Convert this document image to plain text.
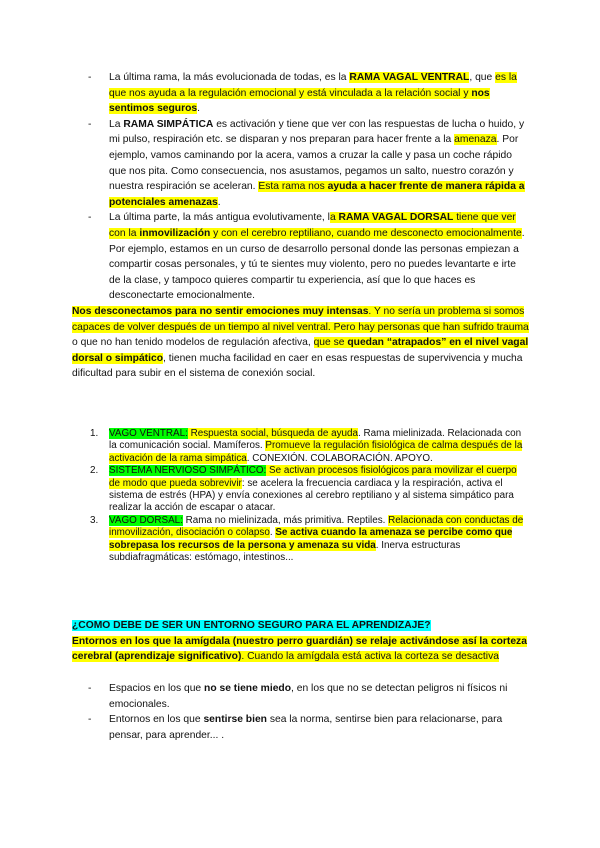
- La última rama, la más evolucionada de todas, es la RAMA VAGAL VENTRAL, que es la que nos ayuda a la regulación emocional y está vinculada a la relación social y nos sentimos seguros.
- La RAMA SIMPÁTICA es activación y tiene que ver con las respuestas de lucha o huido, y mi pulso, respiración etc. se disparan y nos preparan para hacer frente a la amenaza. Por ejemplo, vamos caminando por la acera, vamos a cruzar la calle y pasa un coche rápido que nos pita. Como consecuencia, nos asustamos, pegamos un salto, nuestro corazón y nuestra respiración se aceleran. Esta rama nos ayuda a hacer frente de manera rápida a potenciales amenazas.
- La última parte, la más antigua evolutivamente, la RAMA VAGAL DORSAL tiene que ver con la inmovilización y con el cerebro reptiliano, cuando me desconecto emocionalmente. Por ejemplo, estamos en un curso de desarrollo personal donde las personas empiezan a compartir cosas personales, y tú te sientes muy violento, pero no puedes levantarte e irte de la clase, y tampoco quieres compartir tu experiencia, así que lo que haces es desconectarte emocionalmente.

Nos desconectamos para no sentir emociones muy intensas. Y no sería un problema si somos capaces de volver después de un tiempo al nivel ventral. Pero hay personas que han sufrido trauma o que no han tenido modelos de regulación afectiva, que se quedan “atrapados” en el nivel vagal dorsal o simpático, tienen mucha facilidad en caer en esas respuestas de supervivencia y mucha dificultad para subir en el sistema de conexión social.

1. VAGO VENTRAL: Respuesta social, búsqueda de ayuda. Rama mielinizada. Relacionada con la comunicación social. Mamíferos. Promueve la regulación fisiológica de calma después de la activación de la rama simpática. CONEXIÓN. COLABORACIÓN. APOYO.
2. SISTEMA NERVIOSO SIMPÁTICO: Se activan procesos fisiológicos para movilizar el cuerpo de modo que pueda sobrevivir: se acelera la frecuencia cardiaca y la respiración, activa el sistema de estrés (HPA) y envía conexiones al cerebro reptiliano y al sistema simpático para realizar la acción de escapar o atacar.
3. VAGO DORSAL: Rama no mielinizada, más primitiva. Reptiles. Relacionada con conductas de inmovilización, disociación o colapso. Se activa cuando la amenaza se percibe como que sobrepasa los recursos de la persona y amenaza su vida. Inerva estructuras subdiafragmáticas: estómago, intestinos...

¿COMO DEBE DE SER UN ENTORNO SEGURO PARA EL APRENDIZAJE?
Entornos en los que la amígdala (nuestro perro guardián) se relaje activándose así la corteza cerebral (aprendizaje significativo). Cuando la amígdala está activa la corteza se desactiva

- Espacios en los que no se tiene miedo, en los que no se detectan peligros ni físicos ni emocionales.
- Entornos en los que sentirse bien sea la norma, sentirse bien para relacionarse, para pensar, para aprender... .
